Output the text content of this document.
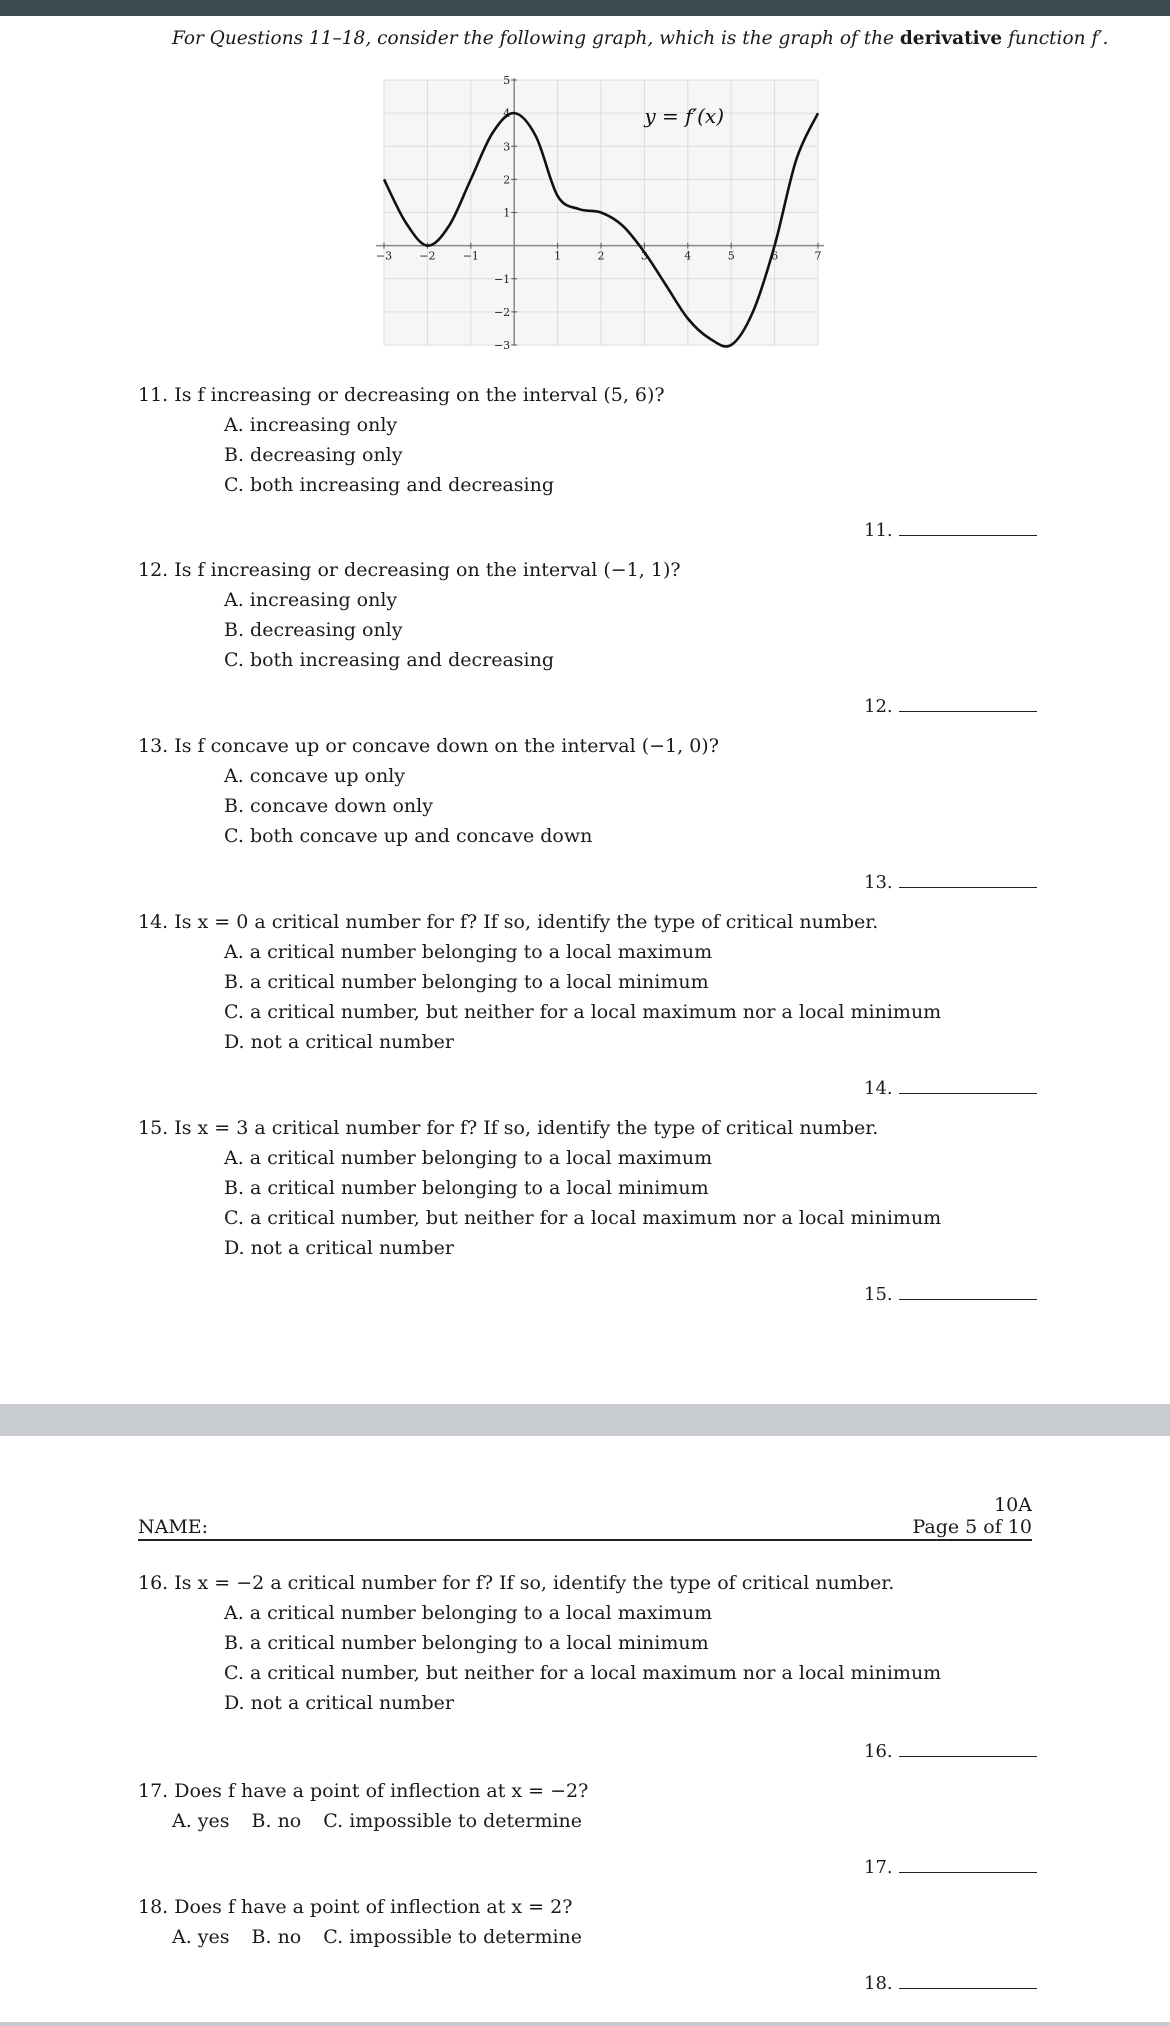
For Questions 11–18, consider the following graph, which is the graph of the derivative function f′.
−3 −2 −1	1	2	3	4	5	6	7
−3
−2
−1
1
2
3
4
5
y = f′(x)
11. Is f increasing or decreasing on the interval (5, 6)?
A. increasing only
B. decreasing only
C. both increasing and decreasing
11.
12. Is f increasing or decreasing on the interval (−1, 1)?
A. increasing only
B. decreasing only
C. both increasing and decreasing
12.
13. Is f concave up or concave down on the interval (−1, 0)?
A. concave up only
B. concave down only
C. both concave up and concave down
13.
14. Is x = 0 a critical number for f? If so, identify the type of critical number.
A. a critical number belonging to a local maximum
B. a critical number belonging to a local minimum
C. a critical number, but neither for a local maximum nor a local minimum
D. not a critical number
14.
15. Is x = 3 a critical number for f? If so, identify the type of critical number.
A. a critical number belonging to a local maximum
B. a critical number belonging to a local minimum
C. a critical number, but neither for a local maximum nor a local minimum
D. not a critical number
15.
10A
NAME:	Page 5 of 10
16. Is x = −2 a critical number for f? If so, identify the type of critical number.
A. a critical number belonging to a local maximum
B. a critical number belonging to a local minimum
C. a critical number, but neither for a local maximum nor a local minimum
D. not a critical number
16.
17. Does f have a point of inflection at x = −2?
A. yes B. no C. impossible to determine
17.
18. Does f have a point of inflection at x = 2?
A. yes B. no C. impossible to determine
18.
